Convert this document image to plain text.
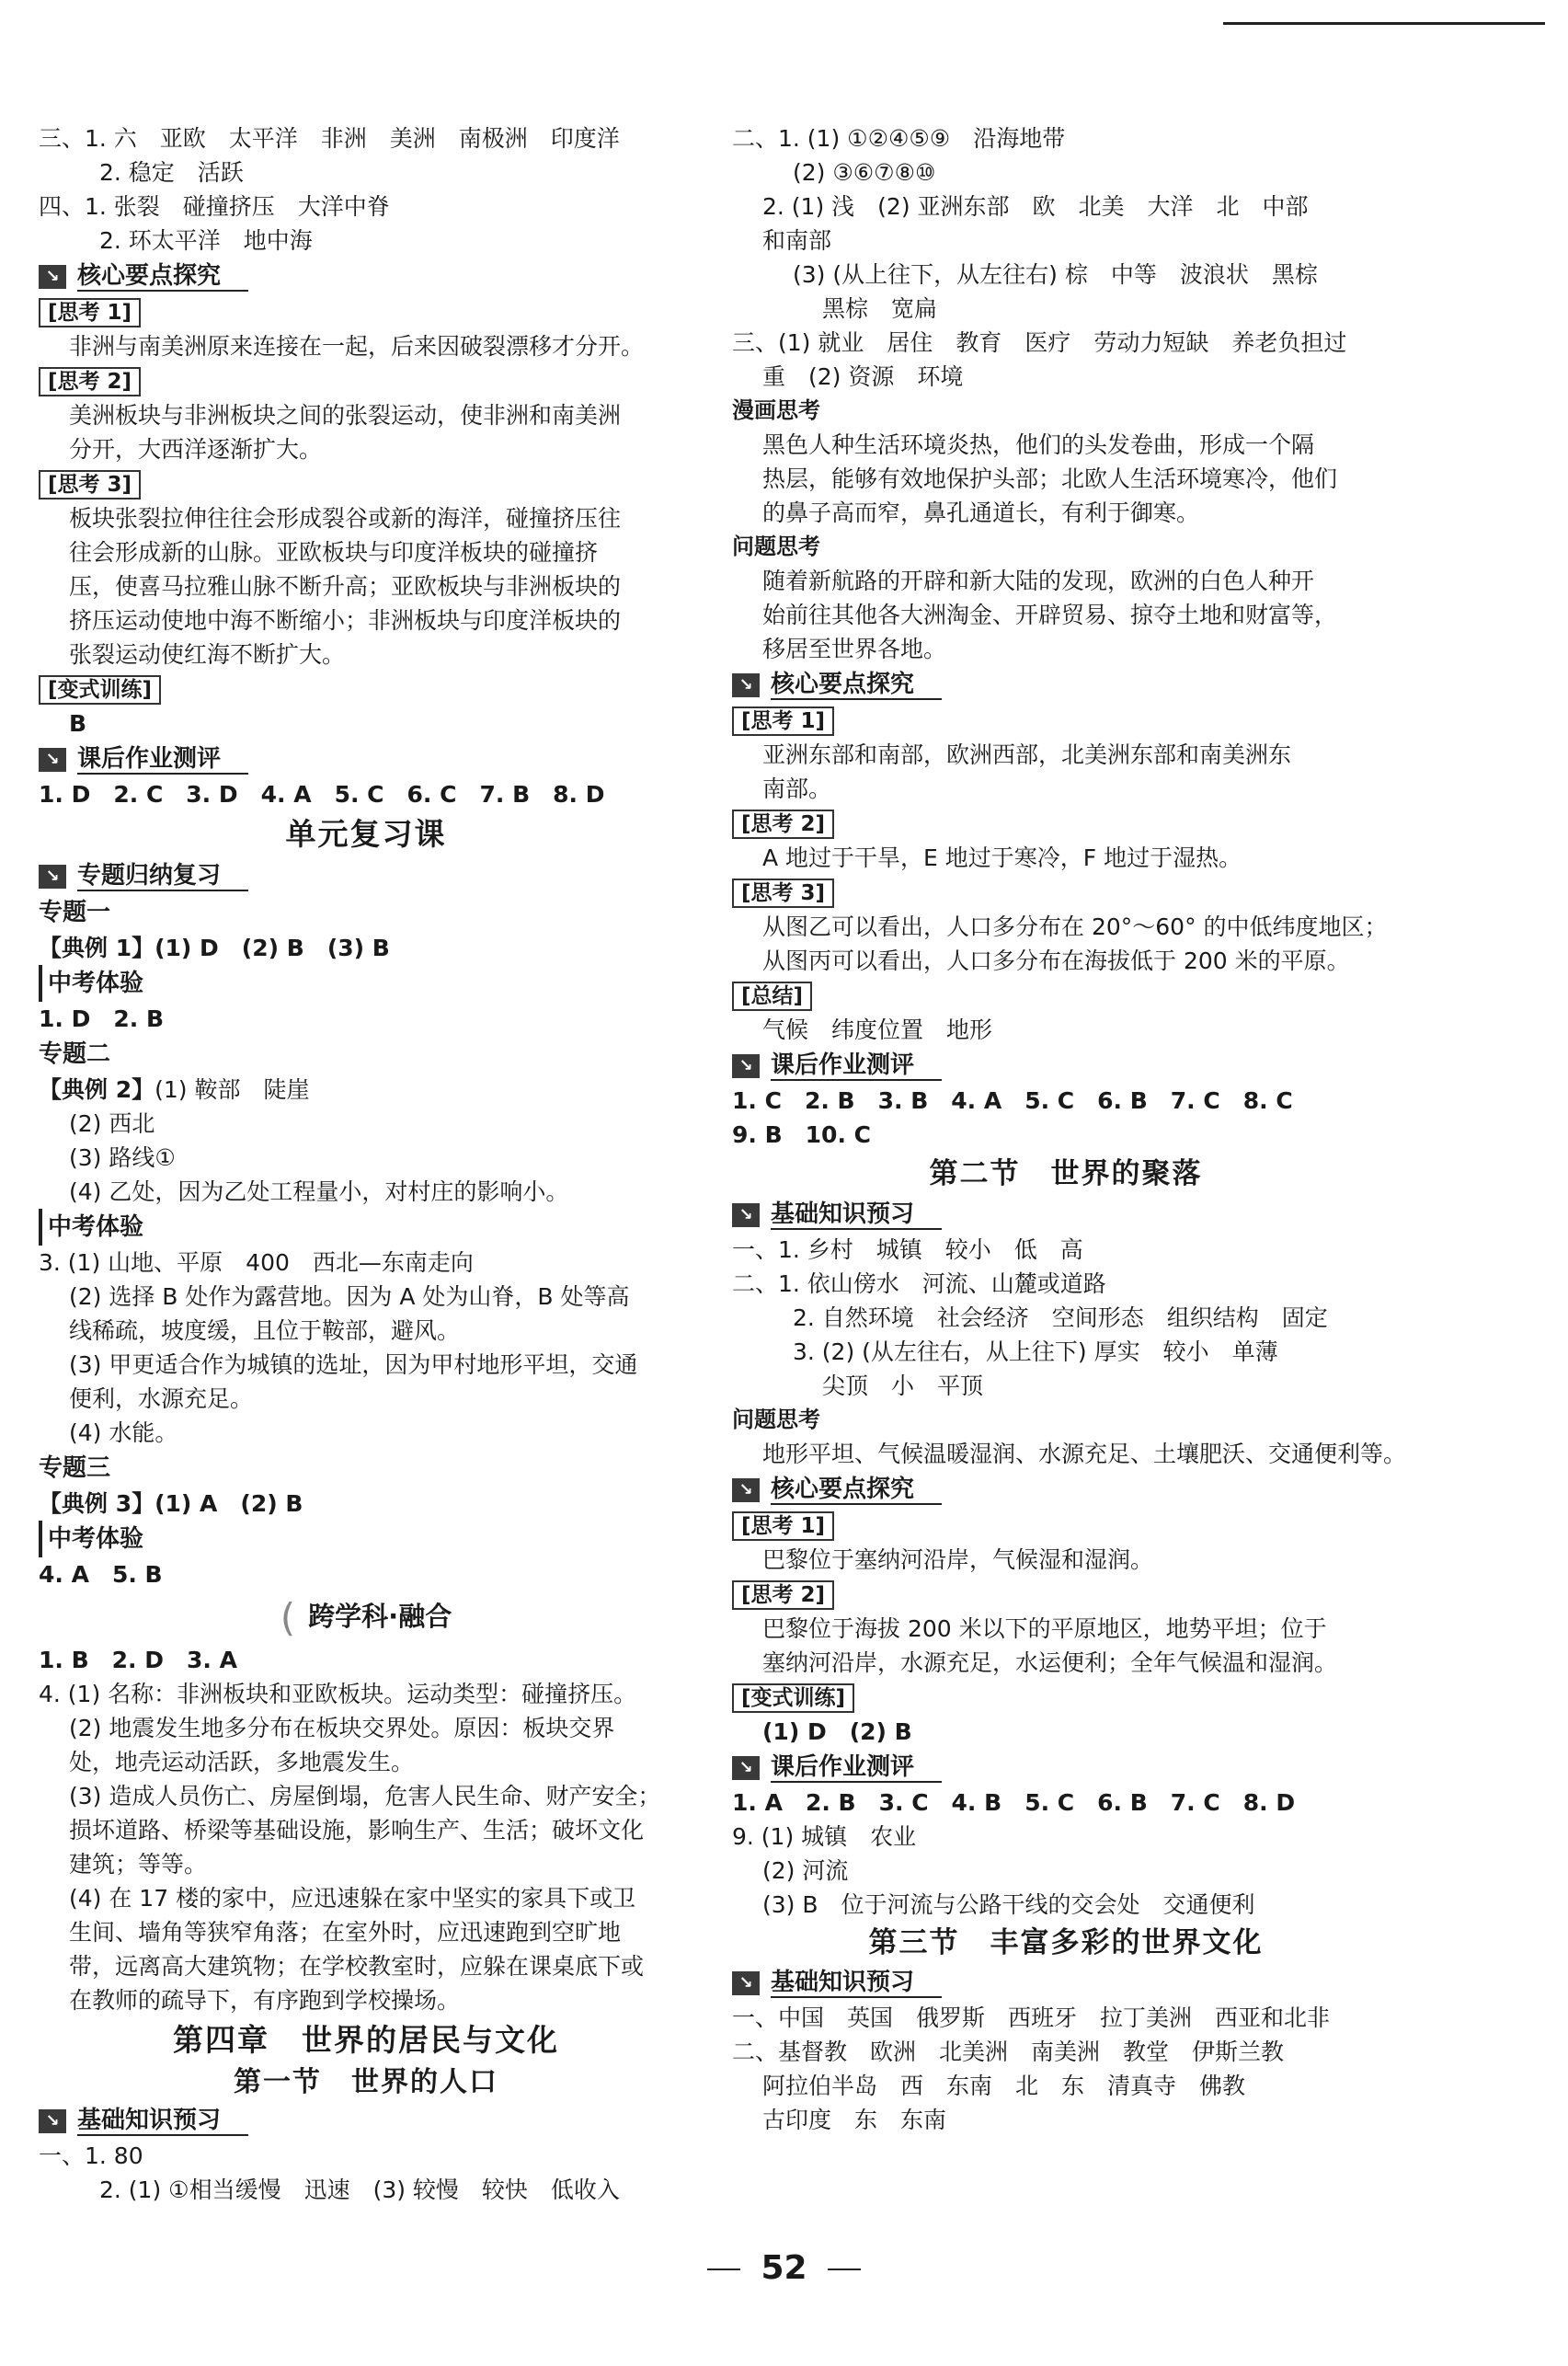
三、1. 六　亚欧　太平洋　非洲　美洲　南极洲　印度洋
2. 稳定　活跃
四、1. 张裂　碰撞挤压　大洋中脊
2. 环太平洋　地中海
↘ 核心要点探究
[思考 1]
非洲与南美洲原来连接在一起，后来因破裂漂移才分开。
[思考 2]
美洲板块与非洲板块之间的张裂运动，使非洲和南美洲
分开，大西洋逐渐扩大。
[思考 3]
板块张裂拉伸往往会形成裂谷或新的海洋，碰撞挤压往
往会形成新的山脉。亚欧板块与印度洋板块的碰撞挤
压，使喜马拉雅山脉不断升高；亚欧板块与非洲板块的
挤压运动使地中海不断缩小；非洲板块与印度洋板块的
张裂运动使红海不断扩大。
[变式训练]
B
↘ 课后作业测评
1. D　2. C　3. D　4. A　5. C　6. C　7. B　8. D
单元复习课
↘ 专题归纳复习
专题一
【典例 1】(1) D　(2) B　(3) B
中考体验
1. D　2. B
专题二
【典例 2】(1) 鞍部　陡崖
(2) 西北
(3) 路线①
(4) 乙处，因为乙处工程量小，对村庄的影响小。
中考体验
3. (1) 山地、平原　400　西北—东南走向
(2) 选择 B 处作为露营地。因为 A 处为山脊，B 处等高
线稀疏，坡度缓，且位于鞍部，避风。
(3) 甲更适合作为城镇的选址，因为甲村地形平坦，交通
便利，水源充足。
(4) 水能。
专题三
【典例 3】(1) A　(2) B
中考体验
4. A　5. B
( 跨学科·融合
1. B　2. D　3. A
4. (1) 名称：非洲板块和亚欧板块。运动类型：碰撞挤压。
(2) 地震发生地多分布在板块交界处。原因：板块交界
处，地壳运动活跃，多地震发生。
(3) 造成人员伤亡、房屋倒塌，危害人民生命、财产安全；
损坏道路、桥梁等基础设施，影响生产、生活；破坏文化
建筑；等等。
(4) 在 17 楼的家中，应迅速躲在家中坚实的家具下或卫
生间、墙角等狭窄角落；在室外时，应迅速跑到空旷地
带，远离高大建筑物；在学校教室时，应躲在课桌底下或
在教师的疏导下，有序跑到学校操场。
第四章　世界的居民与文化
第一节　世界的人口
↘ 基础知识预习
一、1. 80
2. (1) ①相当缓慢　迅速　(3) 较慢　较快　低收入
二、1. (1) ①②④⑤⑨　沿海地带
(2) ③⑥⑦⑧⑩
2. (1) 浅　(2) 亚洲东部　欧　北美　大洋　北　中部
和南部
(3) (从上往下，从左往右) 棕　中等　波浪状　黑棕
黑棕　宽扁
三、(1) 就业　居住　教育　医疗　劳动力短缺　养老负担过
重　(2) 资源　环境
漫画思考
黑色人种生活环境炎热，他们的头发卷曲，形成一个隔
热层，能够有效地保护头部；北欧人生活环境寒冷，他们
的鼻子高而窄，鼻孔通道长，有利于御寒。
问题思考
随着新航路的开辟和新大陆的发现，欧洲的白色人种开
始前往其他各大洲淘金、开辟贸易、掠夺土地和财富等，
移居至世界各地。
↘ 核心要点探究
[思考 1]
亚洲东部和南部，欧洲西部，北美洲东部和南美洲东
南部。
[思考 2]
A 地过于干旱，E 地过于寒冷，F 地过于湿热。
[思考 3]
从图乙可以看出，人口多分布在 20°～60° 的中低纬度地区；
从图丙可以看出，人口多分布在海拔低于 200 米的平原。
[总结]
气候　纬度位置　地形
↘ 课后作业测评
1. C　2. B　3. B　4. A　5. C　6. B　7. C　8. C
9. B　10. C
第二节　世界的聚落
↘ 基础知识预习
一、1. 乡村　城镇　较小　低　高
二、1. 依山傍水　河流、山麓或道路
2. 自然环境　社会经济　空间形态　组织结构　固定
3. (2) (从左往右，从上往下) 厚实　较小　单薄
尖顶　小　平顶
问题思考
地形平坦、气候温暖湿润、水源充足、土壤肥沃、交通便利等。
↘ 核心要点探究
[思考 1]
巴黎位于塞纳河沿岸，气候湿和湿润。
[思考 2]
巴黎位于海拔 200 米以下的平原地区，地势平坦；位于
塞纳河沿岸，水源充足，水运便利；全年气候温和湿润。
[变式训练]
(1) D　(2) B
↘ 课后作业测评
1. A　2. B　3. C　4. B　5. C　6. B　7. C　8. D
9. (1) 城镇　农业
(2) 河流
(3) B　位于河流与公路干线的交会处　交通便利
第三节　丰富多彩的世界文化
↘ 基础知识预习
一、中国　英国　俄罗斯　西班牙　拉丁美洲　西亚和北非
二、基督教　欧洲　北美洲　南美洲　教堂　伊斯兰教
阿拉伯半岛　西　东南　北　东　清真寺　佛教
古印度　东　东南
52
